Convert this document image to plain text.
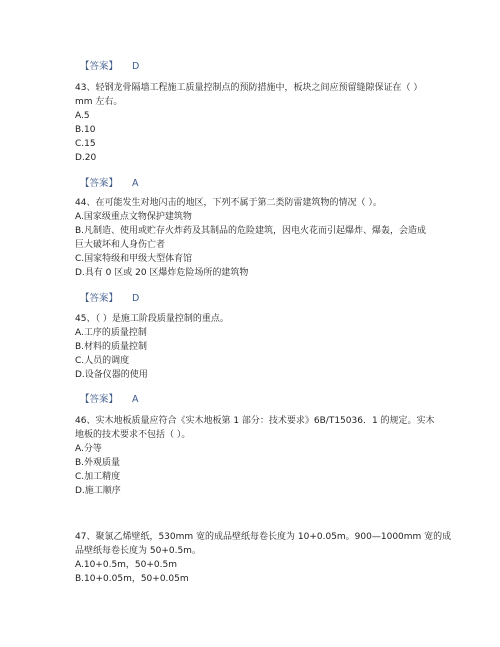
【答案】 D
43、轻钢龙骨隔墙工程施工质量控制点的预防措施中，板块之间应预留缝隙保证在（ ）
mm 左右。
A.5
B.10
C.15
D.20
【答案】 A
44、在可能发生对地闪击的地区，下列不属于第二类防雷建筑物的情况（ ）。
A.国家级重点文物保护建筑物
B.凡制造、使用或贮存火炸药及其制品的危险建筑，因电火花而引起爆炸、爆轰，会造成
巨大破坏和人身伤亡者
C.国家特级和甲级大型体育馆
D.具有 0 区或 20 区爆炸危险场所的建筑物
【答案】 D
45、（ ）是施工阶段质量控制的重点。
A.工序的质量控制
B.材料的质量控制
C.人员的调度
D.设备仪器的使用
【答案】 A
46、实木地板质量应符合《实木地板第 1 部分：技术要求》6B/T15036．1 的规定。实木
地板的技术要求不包括（ ）。
A.分等
B.外观质量
C.加工精度
D.施工顺序
47、聚氯乙烯壁纸，530mm 宽的成品壁纸每卷长度为 10+0.05m。900—1000mm 宽的成
品壁纸每卷长度为 50+0.5m。
A.10+0.5m，50+0.5m
B.10+0.05m，50+0.05m
